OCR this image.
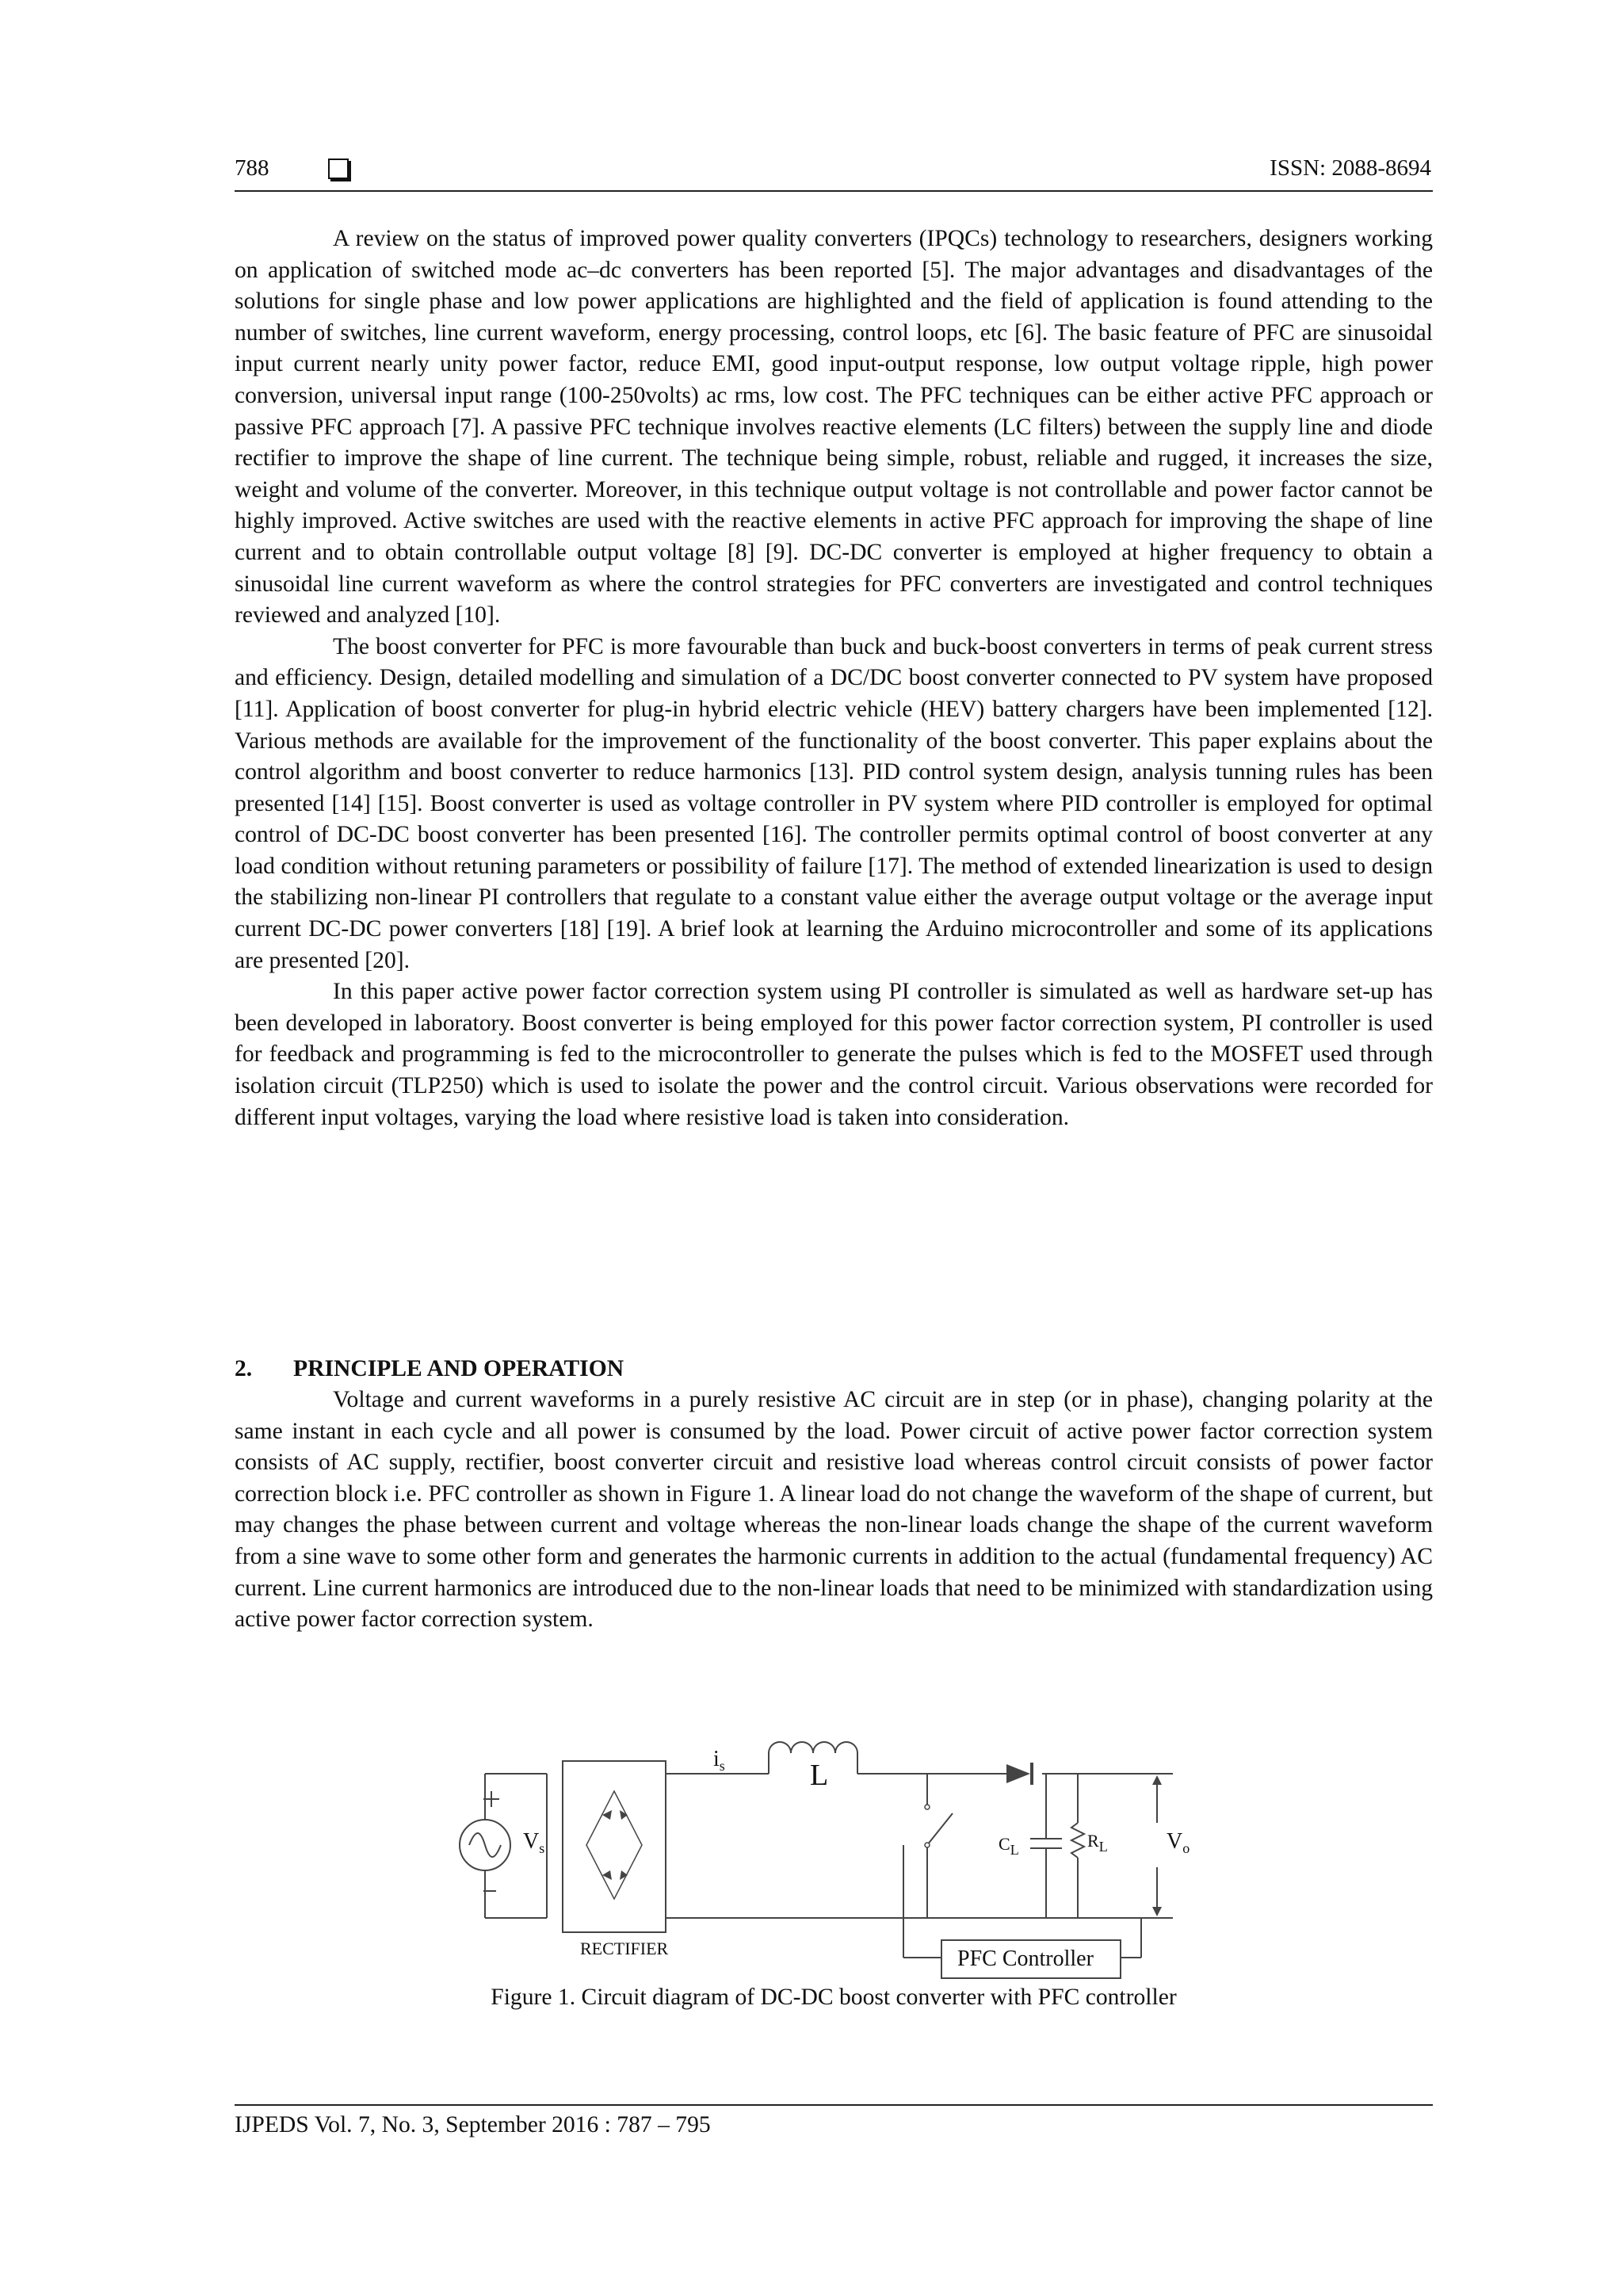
788	ISSN: 2088-8694

A review on the status of improved power quality converters (IPQCs) technology to researchers, designers working on application of switched mode ac–dc converters has been reported [5]. The major advantages and disadvantages of the solutions for single phase and low power applications are highlighted and the field of application is found attending to the number of switches, line current waveform, energy processing, control loops, etc [6]. The basic feature of PFC are sinusoidal input current nearly unity power factor, reduce EMI, good input-output response, low output voltage ripple, high power conversion, universal input range (100-250volts) ac rms, low cost. The PFC techniques can be either active PFC approach or passive PFC approach [7]. A passive PFC technique involves reactive elements (LC filters) between the supply line and diode rectifier to improve the shape of line current. The technique being simple, robust, reliable and rugged, it increases the size, weight and volume of the converter. Moreover, in this technique output voltage is not controllable and power factor cannot be highly improved. Active switches are used with the reactive elements in active PFC approach for improving the shape of line current and to obtain controllable output voltage [8] [9]. DC-DC converter is employed at higher frequency to obtain a sinusoidal line current waveform as where the control strategies for PFC converters are investigated and control techniques reviewed and analyzed [10].

The boost converter for PFC is more favourable than buck and buck-boost converters in terms of peak current stress and efficiency. Design, detailed modelling and simulation of a DC/DC boost converter connected to PV system have proposed [11]. Application of boost converter for plug-in hybrid electric vehicle (HEV) battery chargers have been implemented [12]. Various methods are available for the improvement of the functionality of the boost converter. This paper explains about the control algorithm and boost converter to reduce harmonics [13]. PID control system design, analysis tunning rules has been presented [14] [15]. Boost converter is used as voltage controller in PV system where PID controller is employed for optimal control of DC-DC boost converter has been presented [16]. The controller permits optimal control of boost converter at any load condition without retuning parameters or possibility of failure [17]. The method of extended linearization is used to design the stabilizing non-linear PI controllers that regulate to a constant value either the average output voltage or the average input current DC-DC power converters [18] [19]. A brief look at learning the Arduino microcontroller and some of its applications are presented [20].

In this paper active power factor correction system using PI controller is simulated as well as hardware set-up has been developed in laboratory. Boost converter is being employed for this power factor correction system, PI controller is used for feedback and programming is fed to the microcontroller to generate the pulses which is fed to the MOSFET used through isolation circuit (TLP250) which is used to isolate the power and the control circuit. Various observations were recorded for different input voltages, varying the load where resistive load is taken into consideration.

2. PRINCIPLE AND OPERATION

Voltage and current waveforms in a purely resistive AC circuit are in step (or in phase), changing polarity at the same instant in each cycle and all power is consumed by the load. Power circuit of active power factor correction system consists of AC supply, rectifier, boost converter circuit and resistive load whereas control circuit consists of power factor correction block i.e. PFC controller as shown in Figure 1. A linear load do not change the waveform of the shape of current, but may changes the phase between current and voltage whereas the non-linear loads change the shape of the current waveform from a sine wave to some other form and generates the harmonic currents in addition to the actual (fundamental frequency) AC current. Line current harmonics are introduced due to the non-linear loads that need to be minimized with standardization using active power factor correction system.

$V_s$
$i_s$	L
$C_L$	$R_L$	$V_o$
RECTIFIER	PFC Controller
Figure 1. Circuit diagram of DC-DC boost converter with PFC controller
IJPEDS Vol. 7, No. 3, September 2016 : 787 – 795
